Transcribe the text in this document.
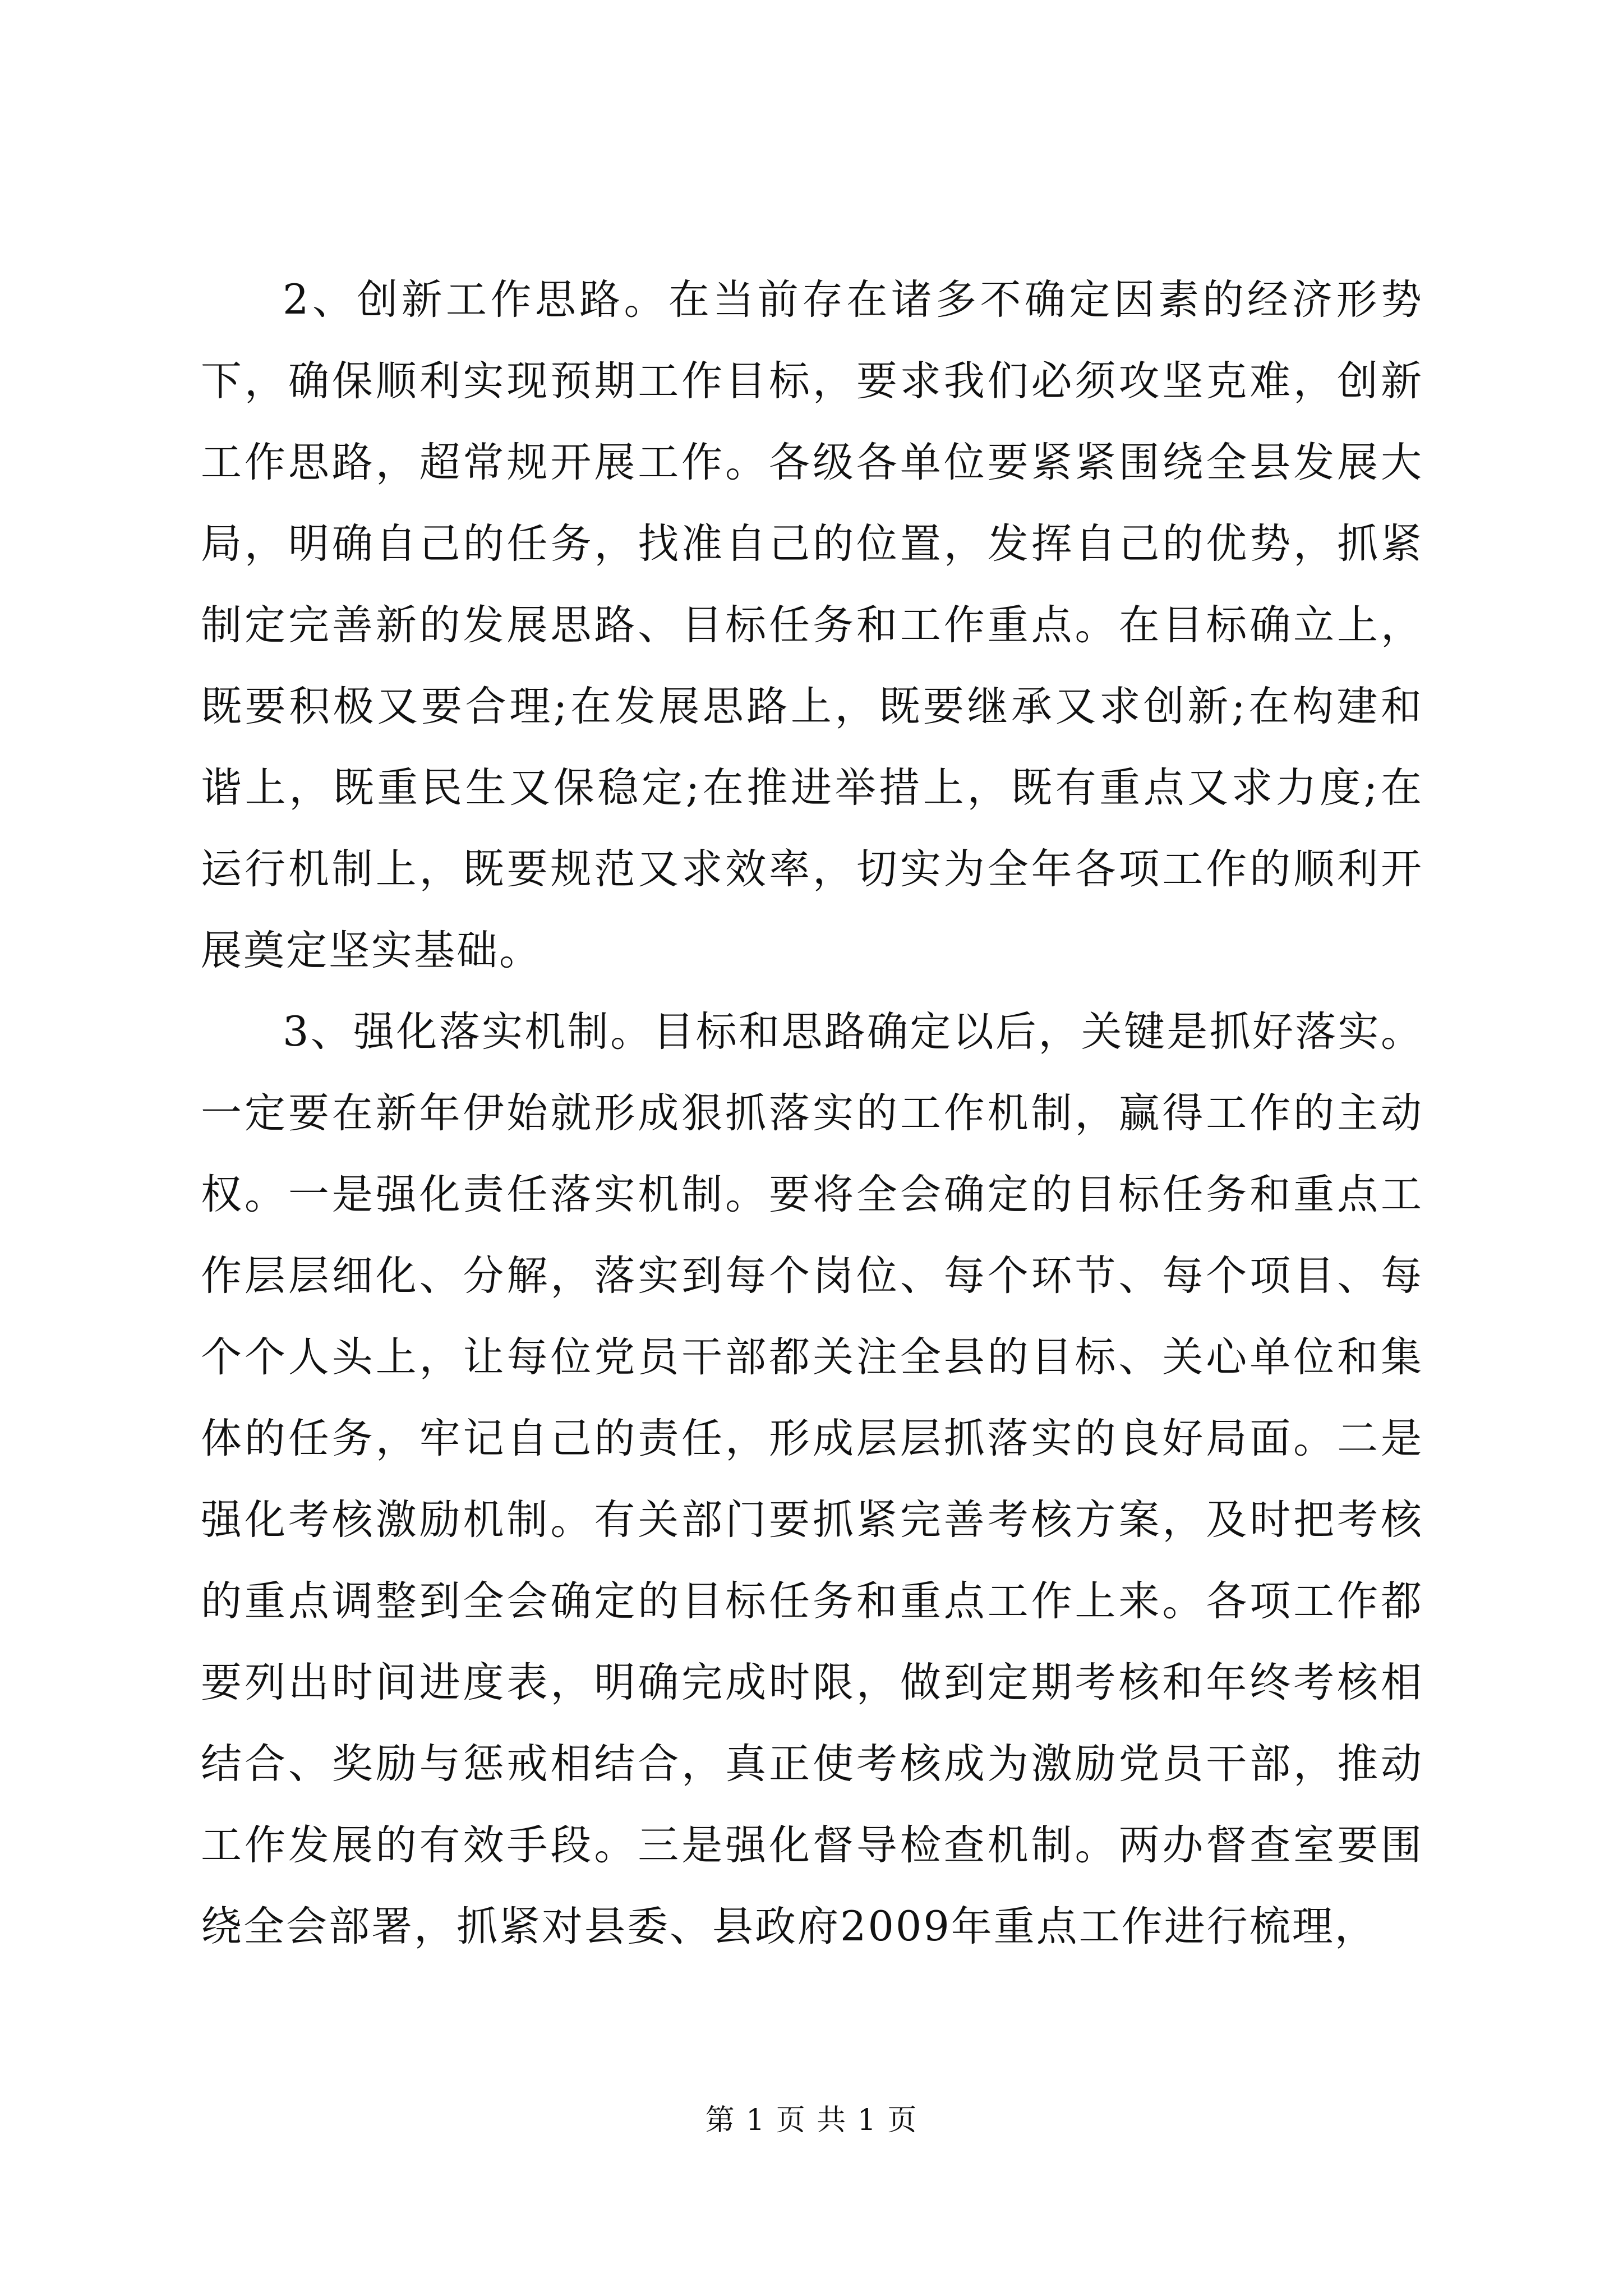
2、创新工作思路。在当前存在诸多不确定因素的经济形势下，确保顺利实现预期工作目标，要求我们必须攻坚克难，创新工作思路，超常规开展工作。各级各单位要紧紧围绕全县发展大局，明确自己的任务，找准自己的位置，发挥自己的优势，抓紧制定完善新的发展思路、目标任务和工作重点。在目标确立上，既要积极又要合理;在发展思路上，既要继承又求创新;在构建和谐上，既重民生又保稳定;在推进举措上，既有重点又求力度;在运行机制上，既要规范又求效率，切实为全年各项工作的顺利开展奠定坚实基础。

3、强化落实机制。目标和思路确定以后，关键是抓好落实。一定要在新年伊始就形成狠抓落实的工作机制，赢得工作的主动权。一是强化责任落实机制。要将全会确定的目标任务和重点工作层层细化、分解，落实到每个岗位、每个环节、每个项目、每个个人头上，让每位党员干部都关注全县的目标、关心单位和集体的任务，牢记自己的责任，形成层层抓落实的良好局面。二是强化考核激励机制。有关部门要抓紧完善考核方案，及时把考核的重点调整到全会确定的目标任务和重点工作上来。各项工作都要列出时间进度表，明确完成时限，做到定期考核和年终考核相结合、奖励与惩戒相结合，真正使考核成为激励党员干部，推动工作发展的有效手段。三是强化督导检查机制。两办督查室要围绕全会部署，抓紧对县委、县政府2009年重点工作进行梳理，

第 1 页 共 1 页
